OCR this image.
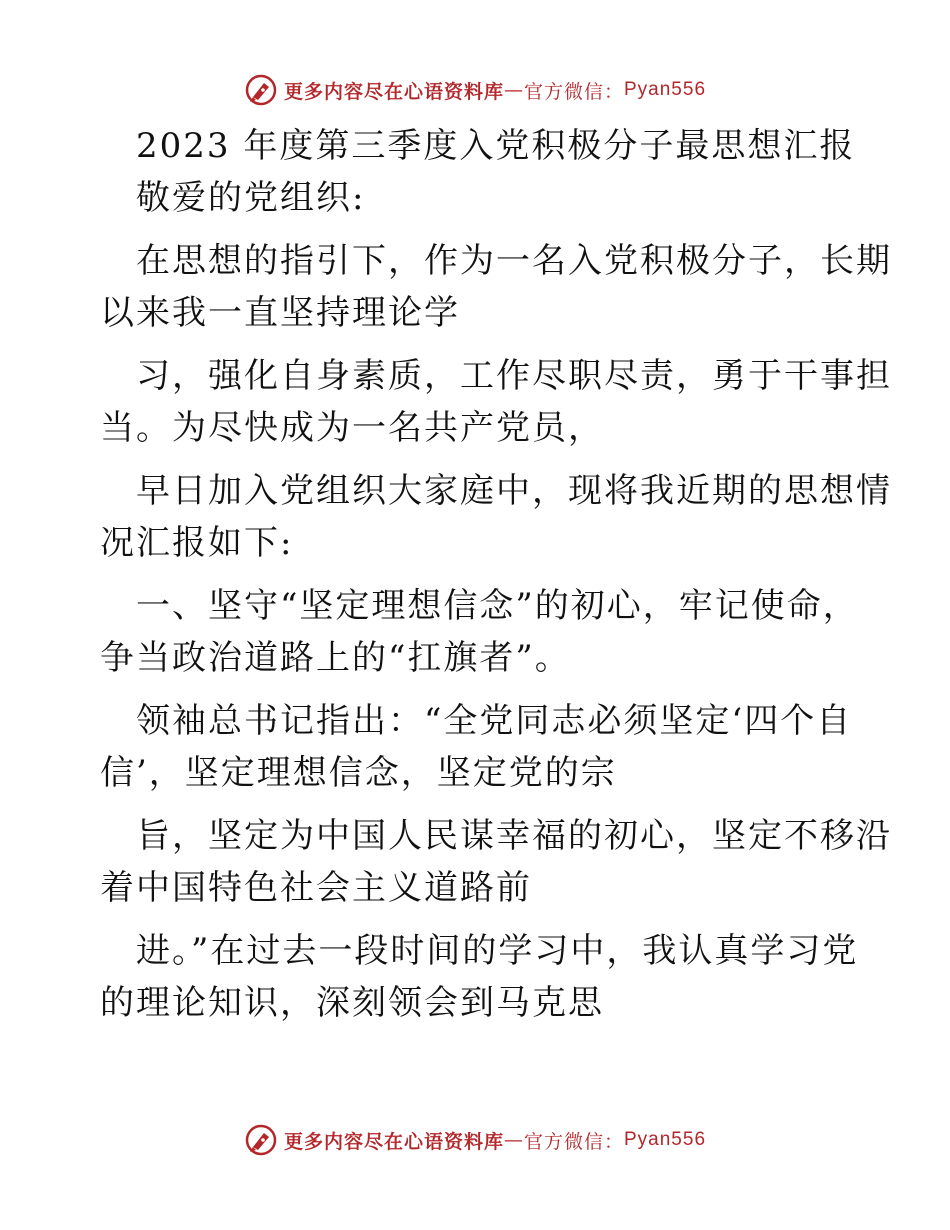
更多内容尽在心语资料库 — 官方微信： Pyan556
2023 年度第三季度入党积极分子最思想汇报
敬爱的党组织:
在思想的指引下，作为一名入党积极分子，长期
以来我一直坚持理论学
习，强化自身素质，工作尽职尽责，勇于干事担
当。为尽快成为一名共产党员，
早日加入党组织大家庭中，现将我近期的思想情
况汇报如下:
一、坚守“坚定理想信念”的初心，牢记使命，
争当政治道路上的“扛旗者”。
领袖总书记指出：“全党同志必须坚定‘四个自
信’，坚定理想信念，坚定党的宗
旨，坚定为中国人民谋幸福的初心，坚定不移沿
着中国特色社会主义道路前
进。”在过去一段时间的学习中，我认真学习党
的理论知识，深刻领会到马克思
更多内容尽在心语资料库 — 官方微信： Pyan556
